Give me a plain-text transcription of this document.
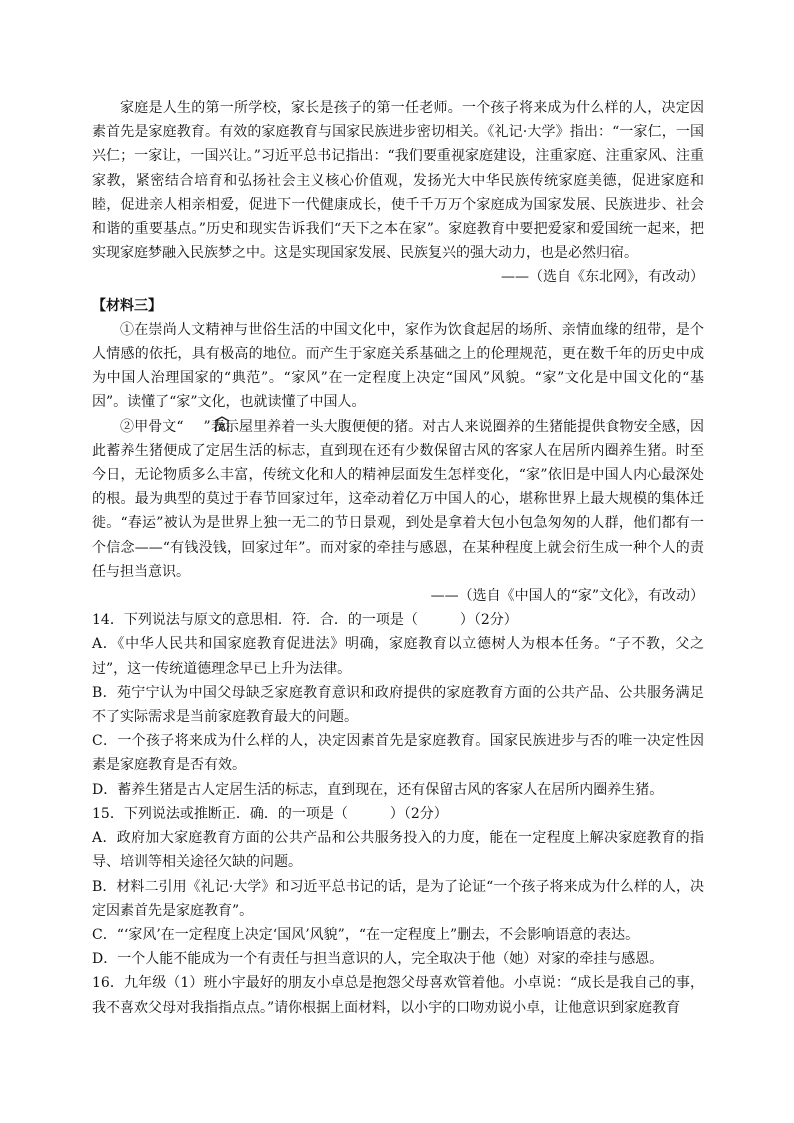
家庭是人生的第一所学校，家长是孩子的第一任老师。一个孩子将来成为什么样的人，决定因素首先是家庭教育。有效的家庭教育与国家民族进步密切相关。《礼记·大学》指出：“一家仁，一国兴仁；一家让，一国兴让。”习近平总书记指出：“我们要重视家庭建设，注重家庭、注重家风、注重家教，紧密结合培育和弘扬社会主义核心价值观，发扬光大中华民族传统家庭美德，促进家庭和睦，促进亲人相亲相爱，促进下一代健康成长，使千千万万个家庭成为国家发展、民族进步、社会和谐的重要基点。”历史和现实告诉我们“天下之本在家”。家庭教育中要把爱家和爱国统一起来，把实现家庭梦融入民族梦之中。这是实现国家发展、民族复兴的强大动力，也是必然归宿。

——（选自《东北网》，有改动）

【材料三】

①在崇尚人文精神与世俗生活的中国文化中，家作为饮食起居的场所、亲情血缘的纽带，是个人情感的依托，具有极高的地位。而产生于家庭关系基础之上的伦理规范，更在数千年的历史中成为中国人治理国家的“典范”。“家风”在一定程度上决定“国风”风貌。“家”文化是中国文化的“基因”。读懂了“家”文化，也就读懂了中国人。

②甲骨文“ ”表示屋里养着一头大腹便便的猪。对古人来说圈养的生猪能提供食物安全感，因此蓄养生猪便成了定居生活的标志，直到现在还有少数保留古风的客家人在居所内圈养生猪。时至今日，无论物质多么丰富，传统文化和人的精神层面发生怎样变化，“家”依旧是中国人内心最深处的根。最为典型的莫过于春节回家过年，这牵动着亿万中国人的心，堪称世界上最大规模的集体迁徙。“春运”被认为是世界上独一无二的节日景观，到处是拿着大包小包急匆匆的人群，他们都有一个信念——“有钱没钱，回家过年”。而对家的牵挂与感恩，在某种程度上就会衍生成一种个人的责任与担当意识。

——（选自《中国人的“家”文化》，有改动）

14．下列说法与原文的意思相．符．合．的一项是（　　　）（2分）

A．《中华人民共和国家庭教育促进法》明确，家庭教育以立德树人为根本任务。“子不教，父之过”，这一传统道德理念早已上升为法律。

B．苑宁宁认为中国父母缺乏家庭教育意识和政府提供的家庭教育方面的公共产品、公共服务满足不了实际需求是当前家庭教育最大的问题。

C．一个孩子将来成为什么样的人，决定因素首先是家庭教育。国家民族进步与否的唯一决定性因素是家庭教育是否有效。

D．蓄养生猪是古人定居生活的标志，直到现在，还有保留古风的客家人在居所内圈养生猪。

15．下列说法或推断正．确．的一项是（　　　）（2分）

A．政府加大家庭教育方面的公共产品和公共服务投入的力度，能在一定程度上解决家庭教育的指导、培训等相关途径欠缺的问题。

B．材料二引用《礼记·大学》和习近平总书记的话，是为了论证“一个孩子将来成为什么样的人，决定因素首先是家庭教育”。

C．“‘家风’在一定程度上决定‘国风’风貌”，“在一定程度上”删去，不会影响语意的表达。

D．一个人能不能成为一个有责任与担当意识的人，完全取决于他（她）对家的牵挂与感恩。

16．九年级（1）班小宇最好的朋友小卓总是抱怨父母喜欢管着他。小卓说：“成长是我自己的事，我不喜欢父母对我指指点点。”请你根据上面材料，以小宇的口吻劝说小卓，让他意识到家庭教育
